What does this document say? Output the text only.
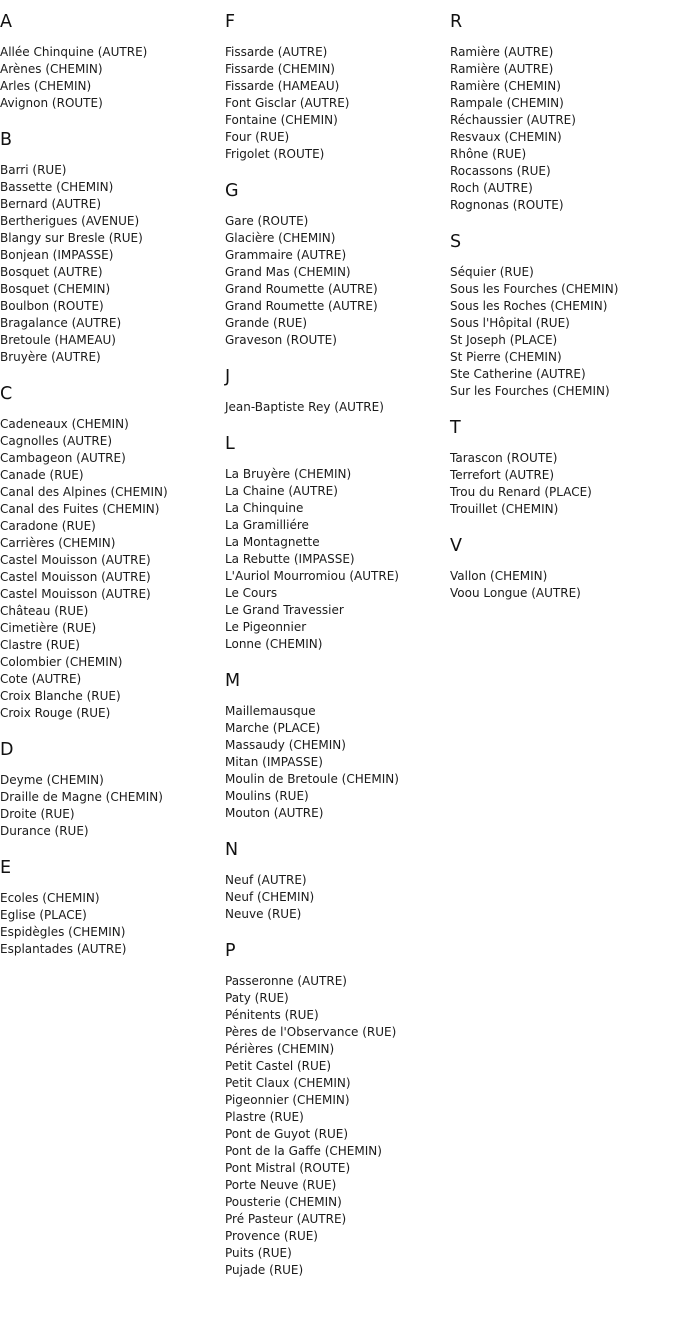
A
Allée Chinquine (AUTRE)
Arènes (CHEMIN)
Arles (CHEMIN)
Avignon (ROUTE)
B
Barri (RUE)
Bassette (CHEMIN)
Bernard (AUTRE)
Bertherigues (AVENUE)
Blangy sur Bresle (RUE)
Bonjean (IMPASSE)
Bosquet (AUTRE)
Bosquet (CHEMIN)
Boulbon (ROUTE)
Bragalance (AUTRE)
Bretoule (HAMEAU)
Bruyère (AUTRE)
C
Cadeneaux (CHEMIN)
Cagnolles (AUTRE)
Cambageon (AUTRE)
Canade (RUE)
Canal des Alpines (CHEMIN)
Canal des Fuites (CHEMIN)
Caradone (RUE)
Carrières (CHEMIN)
Castel Mouisson (AUTRE)
Castel Mouisson (AUTRE)
Castel Mouisson (AUTRE)
Château (RUE)
Cimetière (RUE)
Clastre (RUE)
Colombier (CHEMIN)
Cote (AUTRE)
Croix Blanche (RUE)
Croix Rouge (RUE)
D
Deyme (CHEMIN)
Draille de Magne (CHEMIN)
Droite (RUE)
Durance (RUE)
E
Ecoles (CHEMIN)
Eglise (PLACE)
Espidègles (CHEMIN)
Esplantades (AUTRE)
F
Fissarde (AUTRE)
Fissarde (CHEMIN)
Fissarde (HAMEAU)
Font Gisclar (AUTRE)
Fontaine (CHEMIN)
Four (RUE)
Frigolet (ROUTE)
G
Gare (ROUTE)
Glacière (CHEMIN)
Grammaire (AUTRE)
Grand Mas (CHEMIN)
Grand Roumette (AUTRE)
Grand Roumette (AUTRE)
Grande (RUE)
Graveson (ROUTE)
J
Jean-Baptiste Rey (AUTRE)
L
La Bruyère (CHEMIN)
La Chaine (AUTRE)
La Chinquine
La Gramilliére
La Montagnette
La Rebutte (IMPASSE)
L'Auriol Mourromiou (AUTRE)
Le Cours
Le Grand Travessier
Le Pigeonnier
Lonne (CHEMIN)
M
Maillemausque
Marche (PLACE)
Massaudy (CHEMIN)
Mitan (IMPASSE)
Moulin de Bretoule (CHEMIN)
Moulins (RUE)
Mouton (AUTRE)
N
Neuf (AUTRE)
Neuf (CHEMIN)
Neuve (RUE)
P
Passeronne (AUTRE)
Paty (RUE)
Pénitents (RUE)
Pères de l'Observance (RUE)
Périères (CHEMIN)
Petit Castel (RUE)
Petit Claux (CHEMIN)
Pigeonnier (CHEMIN)
Plastre (RUE)
Pont de Guyot (RUE)
Pont de la Gaffe (CHEMIN)
Pont Mistral (ROUTE)
Porte Neuve (RUE)
Pousterie (CHEMIN)
Pré Pasteur (AUTRE)
Provence (RUE)
Puits (RUE)
Pujade (RUE)
R
Ramière (AUTRE)
Ramière (AUTRE)
Ramière (CHEMIN)
Rampale (CHEMIN)
Réchaussier (AUTRE)
Resvaux (CHEMIN)
Rhône (RUE)
Rocassons (RUE)
Roch (AUTRE)
Rognonas (ROUTE)
S
Séquier (RUE)
Sous les Fourches (CHEMIN)
Sous les Roches (CHEMIN)
Sous l'Hôpital (RUE)
St Joseph (PLACE)
St Pierre (CHEMIN)
Ste Catherine (AUTRE)
Sur les Fourches (CHEMIN)
T
Tarascon (ROUTE)
Terrefort (AUTRE)
Trou du Renard (PLACE)
Trouillet (CHEMIN)
V
Vallon (CHEMIN)
Voou Longue (AUTRE)
